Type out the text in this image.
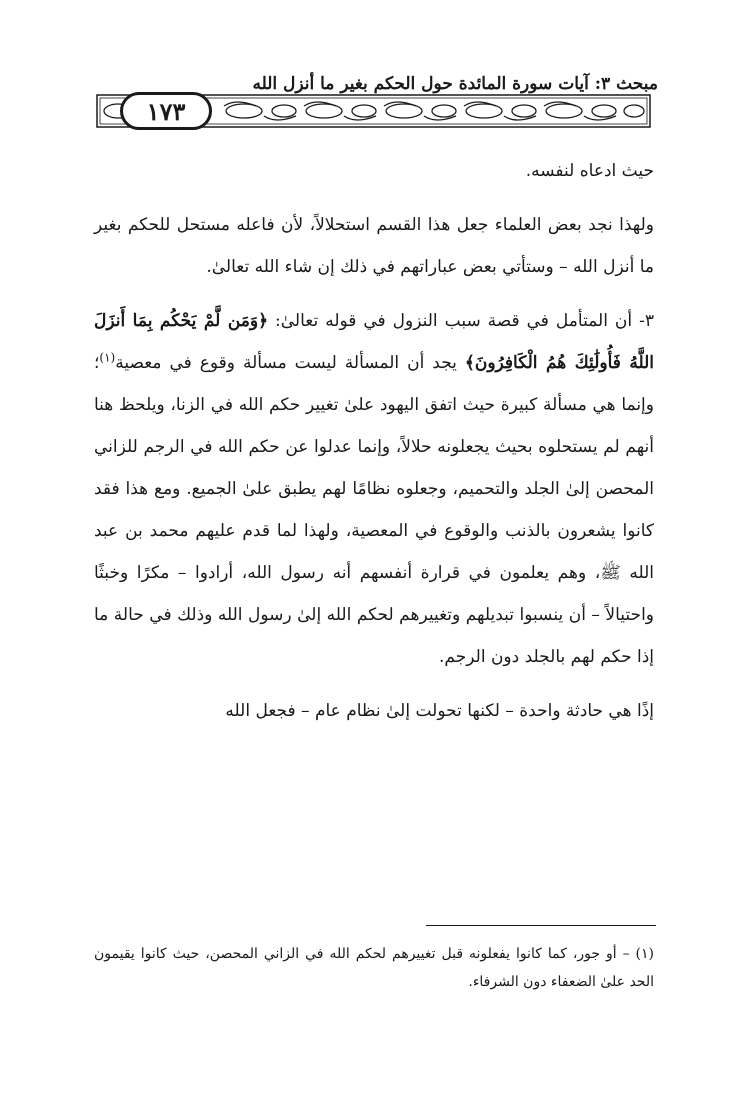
مبحث ٣: آيات سورة المائدة حول الحكم بغير ما أنزل الله
١٧٣

حيث ادعاه لنفسه.

ولهذا نجد بعض العلماء جعل هذا القسم استحلالاً، لأن فاعله مستحل للحكم بغير ما أنزل الله – وستأتي بعض عباراتهم في ذلك إن شاء الله تعالىٰ.

٣- أن المتأمل في قصة سبب النزول في قوله تعالىٰ: ﴿وَمَن لَّمْ يَحْكُم بِمَا أَنزَلَ اللَّهُ فَأُولَٰئِكَ هُمُ الْكَافِرُونَ﴾ يجد أن المسألة ليست مسألة وقوع في معصية$^{(١)}$؛ وإنما هي مسألة كبيرة حيث اتفق اليهود علىٰ تغيير حكم الله في الزنا، ويلحظ هنا أنهم لم يستحلوه بحيث يجعلونه حلالاً، وإنما عدلوا عن حكم الله في الرجم للزاني المحصن إلىٰ الجلد والتحميم، وجعلوه نظامًا لهم يطبق علىٰ الجميع. ومع هذا فقد كانوا يشعرون بالذنب والوقوع في المعصية، ولهذا لما قدم عليهم محمد بن عبد الله ﷺ، وهم يعلمون في قرارة أنفسهم أنه رسول الله، أرادوا – مكرًا وخبثًا واحتيالاً – أن ينسبوا تبديلهم وتغييرهم لحكم الله إلىٰ رسول الله وذلك في حالة ما إذا حكم لهم بالجلد دون الرجم.

إذًا هي حادثة واحدة – لكنها تحولت إلىٰ نظام عام – فجعل الله

(١) – أو جور، كما كانوا يفعلونه قبل تغييرهم لحكم الله في الزاني المحصن، حيث كانوا يقيمون الحد علىٰ الضعفاء دون الشرفاء.
